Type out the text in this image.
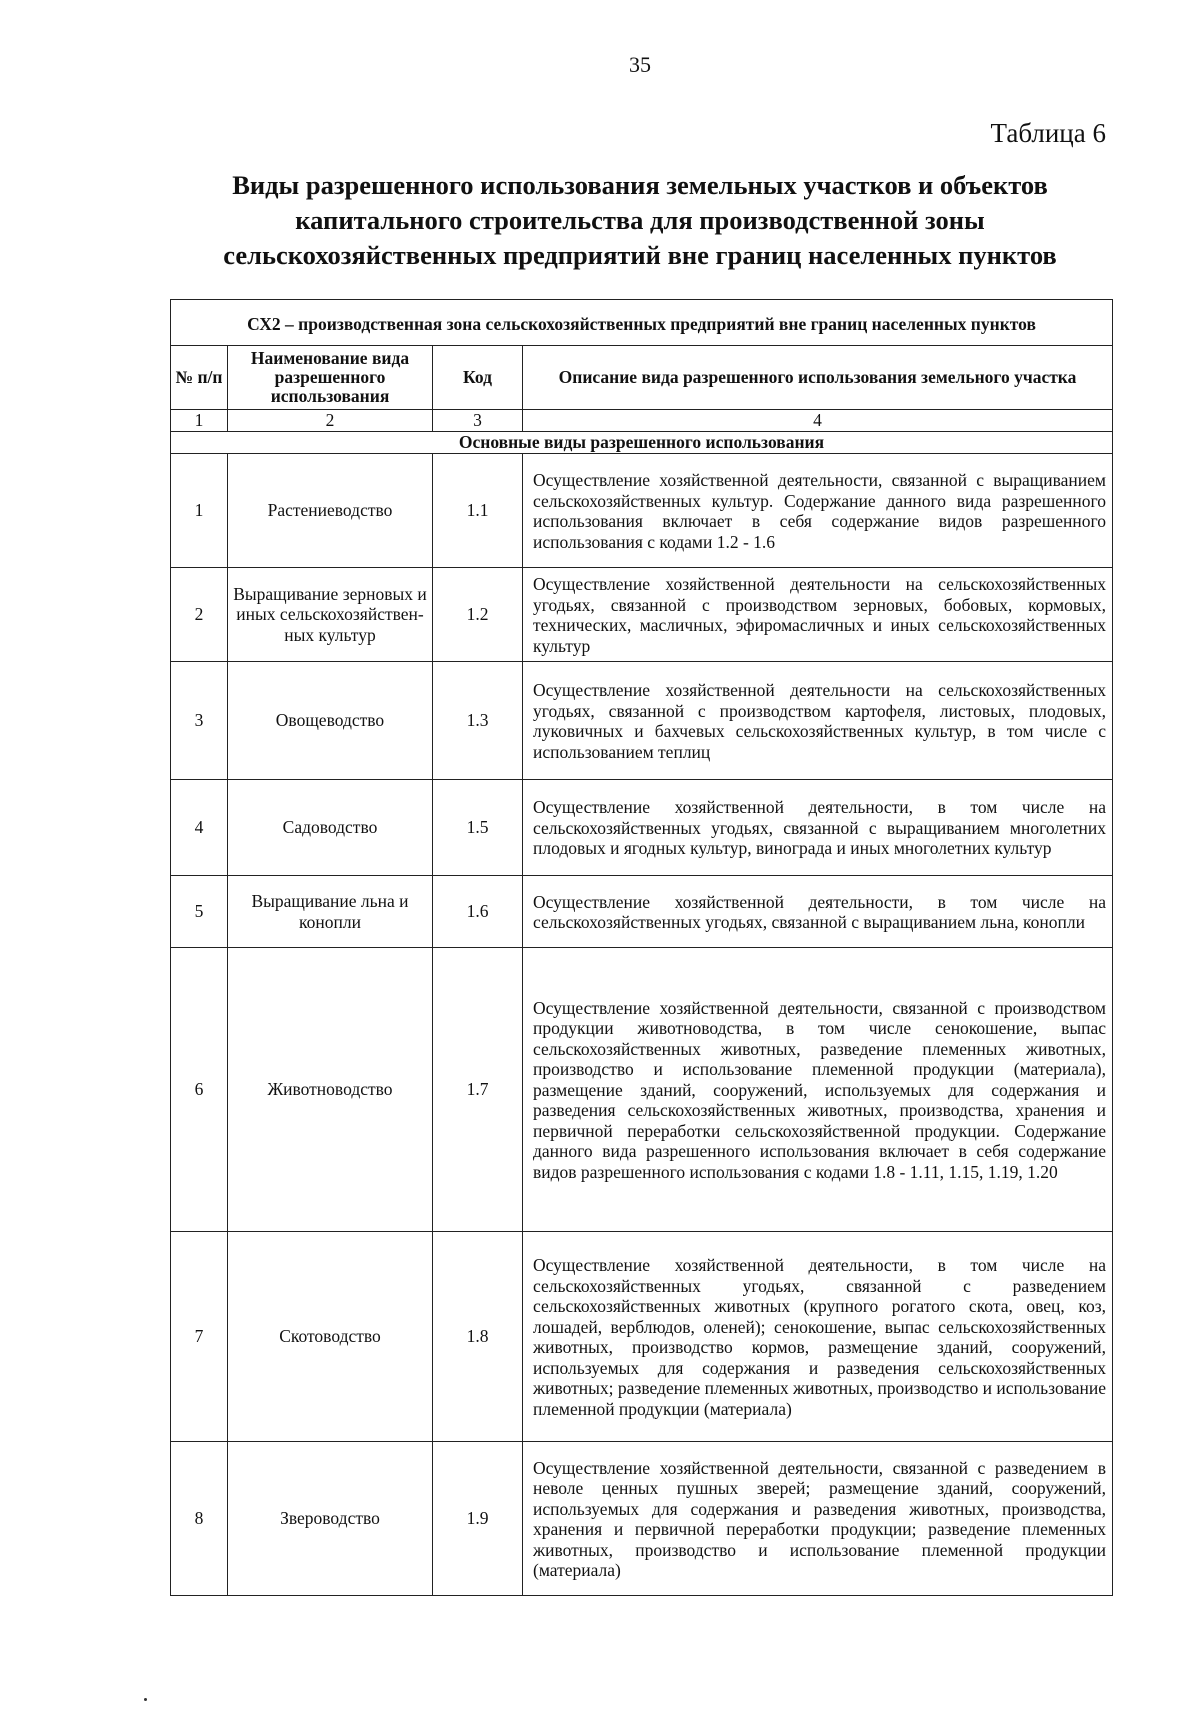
35
Таблица 6
Виды разрешенного использования земельных участков и объектов капитального строительства для производственной зоны сельскохозяйственных предприятий вне границ населенных пунктов
СХ2 – производственная зона сельскохозяйственных предприятий вне границ населенных пунктов			
№ п/п	Наименование вида разрешенного использования	Код	Описание вида разрешенного использования земельного участка
1	2	3	4
Основные виды разрешенного использования			
1	Растениеводство	1.1	Осуществление хозяйственной деятельности, связанной с выращиванием сельскохозяйственных культур. Содержание данного вида разрешенного использования включает в себя содержание видов разрешенного использования с кодами 1.2 - 1.6
2	Выращивание зерновых и иных сельскохозяйствен-ных культур	1.2	Осуществление хозяйственной деятельности на сельскохозяйственных угодьях, связанной с производством зерновых, бобовых, кормовых, технических, масличных, эфиромасличных и иных сельскохозяйственных культур
3	Овощеводство	1.3	Осуществление хозяйственной деятельности на сельскохозяйственных угодьях, связанной с производством картофеля, листовых, плодовых, луковичных и бахчевых сельскохозяйственных культур, в том числе с использованием теплиц
4	Садоводство	1.5	Осуществление хозяйственной деятельности, в том числе на сельскохозяйственных угодьях, связанной с выращиванием многолетних плодовых и ягодных культур, винограда и иных многолетних культур
5	Выращивание льна и конопли	1.6	Осуществление хозяйственной деятельности, в том числе на сельскохозяйственных угодьях, связанной с выращиванием льна, конопли
6	Животноводство	1.7	Осуществление хозяйственной деятельности, связанной с производством продукции животноводства, в том числе сенокошение, выпас сельскохозяйственных животных, разведение племенных животных, производство и использование племенной продукции (материала), размещение зданий, сооружений, используемых для содержания и разведения сельскохозяйственных животных, производства, хранения и первичной переработки сельскохозяйственной продукции. Содержание данного вида разрешенного использования включает в себя содержание видов разрешенного использования с кодами 1.8 - 1.11, 1.15, 1.19, 1.20
7	Скотоводство	1.8	Осуществление хозяйственной деятельности, в том числе на сельскохозяйственных угодьях, связанной с разведением сельскохозяйственных животных (крупного рогатого скота, овец, коз, лошадей, верблюдов, оленей); сенокошение, выпас сельскохозяйственных животных, производство кормов, размещение зданий, сооружений, используемых для содержания и разведения сельскохозяйственных животных; разведение племенных животных, производство и использование племенной продукции (материала)
8	Звероводство	1.9	Осуществление хозяйственной деятельности, связанной с разведением в неволе ценных пушных зверей; размещение зданий, сооружений, используемых для содержания и разведения животных, производства, хранения и первичной переработки продукции; разведение племенных животных, производство и использование племенной продукции (материала)
